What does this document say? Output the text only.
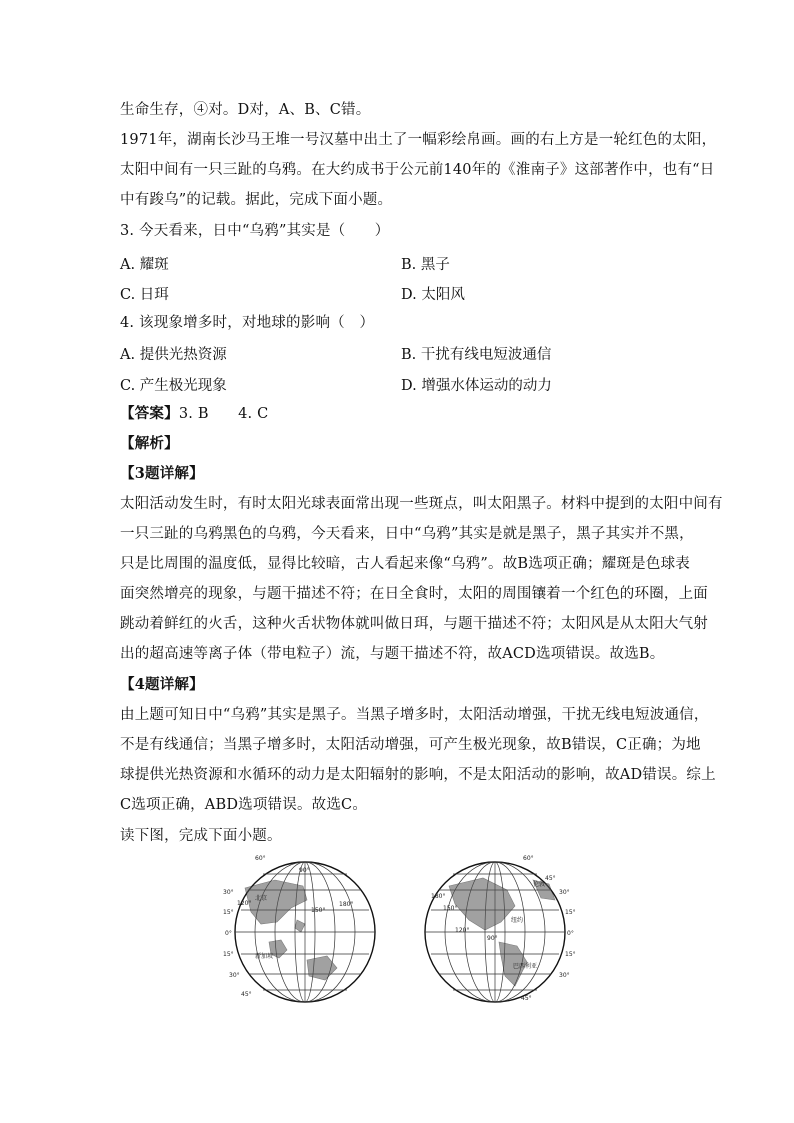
生命生存，④对。D对，A、B、C错。
1971年，湖南长沙马王堆一号汉墓中出土了一幅彩绘帛画。画的右上方是一轮红色的太阳，
太阳中间有一只三趾的乌鸦。在大约成书于公元前140年的《淮南子》这部著作中，也有“日
中有踆乌”的记载。据此，完成下面小题。
3. 今天看来，日中“乌鸦”其实是（　　）
A. 耀斑	B. 黑子
C. 日珥	D. 太阳风
4. 该现象增多时，对地球的影响（　）
A. 提供光热资源	B. 干扰有线电短波通信
C. 产生极光现象	D. 增强水体运动的动力
【答案】3. B　　4. C
【解析】
【3题详解】
太阳活动发生时，有时太阳光球表面常出现一些斑点，叫太阳黑子。材料中提到的太阳中间有
一只三趾的乌鸦黑色的乌鸦，今天看来，日中“乌鸦”其实是就是黑子，黑子其实并不黑，
只是比周围的温度低，显得比较暗，古人看起来像“乌鸦”。故B选项正确；耀斑是色球表
面突然增亮的现象，与题干描述不符；在日全食时，太阳的周围镶着一个红色的环圈，上面
跳动着鲜红的火舌，这种火舌状物体就叫做日珥，与题干描述不符；太阳风是从太阳大气射
出的超高速等离子体（带电粒子）流，与题干描述不符，故ACD选项错误。故选B。
【4题详解】
由上题可知日中“乌鸦”其实是黑子。当黑子增多时，太阳活动增强，干扰无线电短波通信，
不是有线通信；当黑子增多时，太阳活动增强，可产生极光现象，故B错误，C正确；为地
球提供光热资源和水循环的动力是太阳辐射的影响，不是太阳活动的影响，故AD错误。综上
C选项正确，ABD选项错误。故选C。
读下图，完成下面小题。
60°
90°
30°
15°
0°
15°
30°
45°
120°
150°
180°
北京
新加坡
60°
45°
30°
15°
0°
15°
30°
45°
180°
150°
120°
90°
伦敦
纽约
巴西利亚
